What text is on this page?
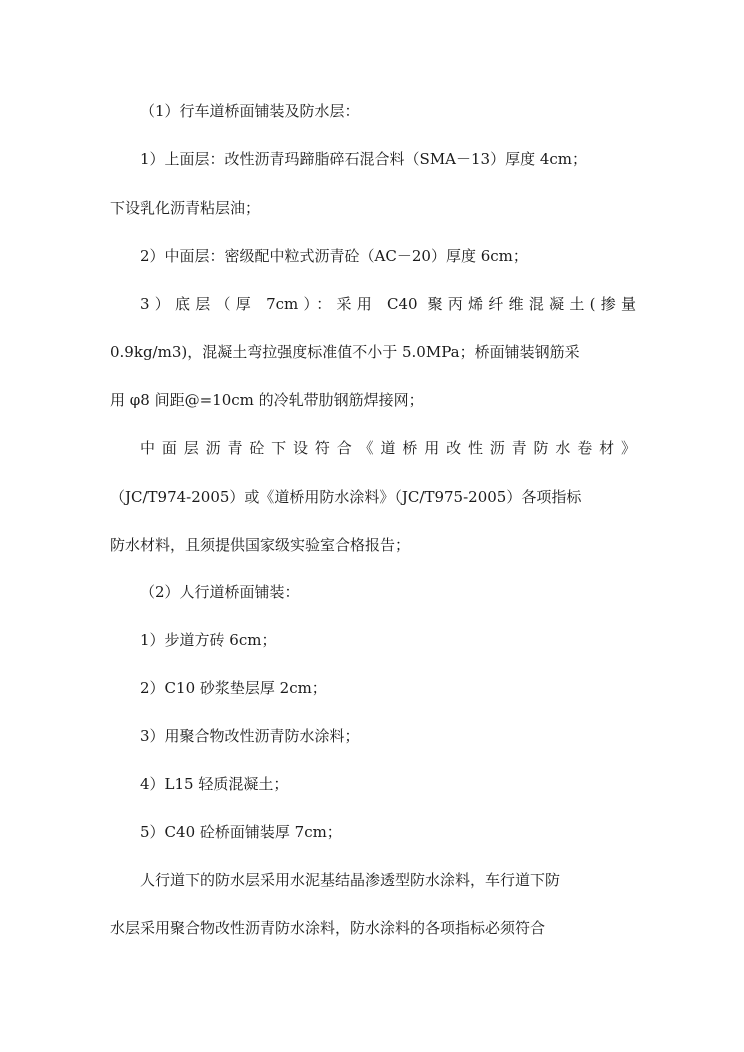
（1）行车道桥面铺装及防水层：
1）上面层：改性沥青玛蹄脂碎石混合料（SMA－13）厚度 4cm；
下设乳化沥青粘层油；
2）中面层：密级配中粒式沥青砼（AC－20）厚度 6cm；
3）底层（厚 7cm）：采用 C40 聚丙烯纤维混凝土(掺量
0.9kg/m3)，混凝土弯拉强度标准值不小于 5.0MPa；桥面铺装钢筋采
用 φ8 间距@=10cm 的冷轧带肋钢筋焊接网；
中面层沥青砼下设符合《道桥用改性沥青防水卷材》
（JC/T974-2005）或《道桥用防水涂料》（JC/T975-2005）各项指标
防水材料，且须提供国家级实验室合格报告；
（2）人行道桥面铺装：
1）步道方砖 6cm；
2）C10 砂浆垫层厚 2cm；
3）用聚合物改性沥青防水涂料；
4）L15 轻质混凝土；
5）C40 砼桥面铺装厚 7cm；
人行道下的防水层采用水泥基结晶渗透型防水涂料，车行道下防
水层采用聚合物改性沥青防水涂料，防水涂料的各项指标必须符合
